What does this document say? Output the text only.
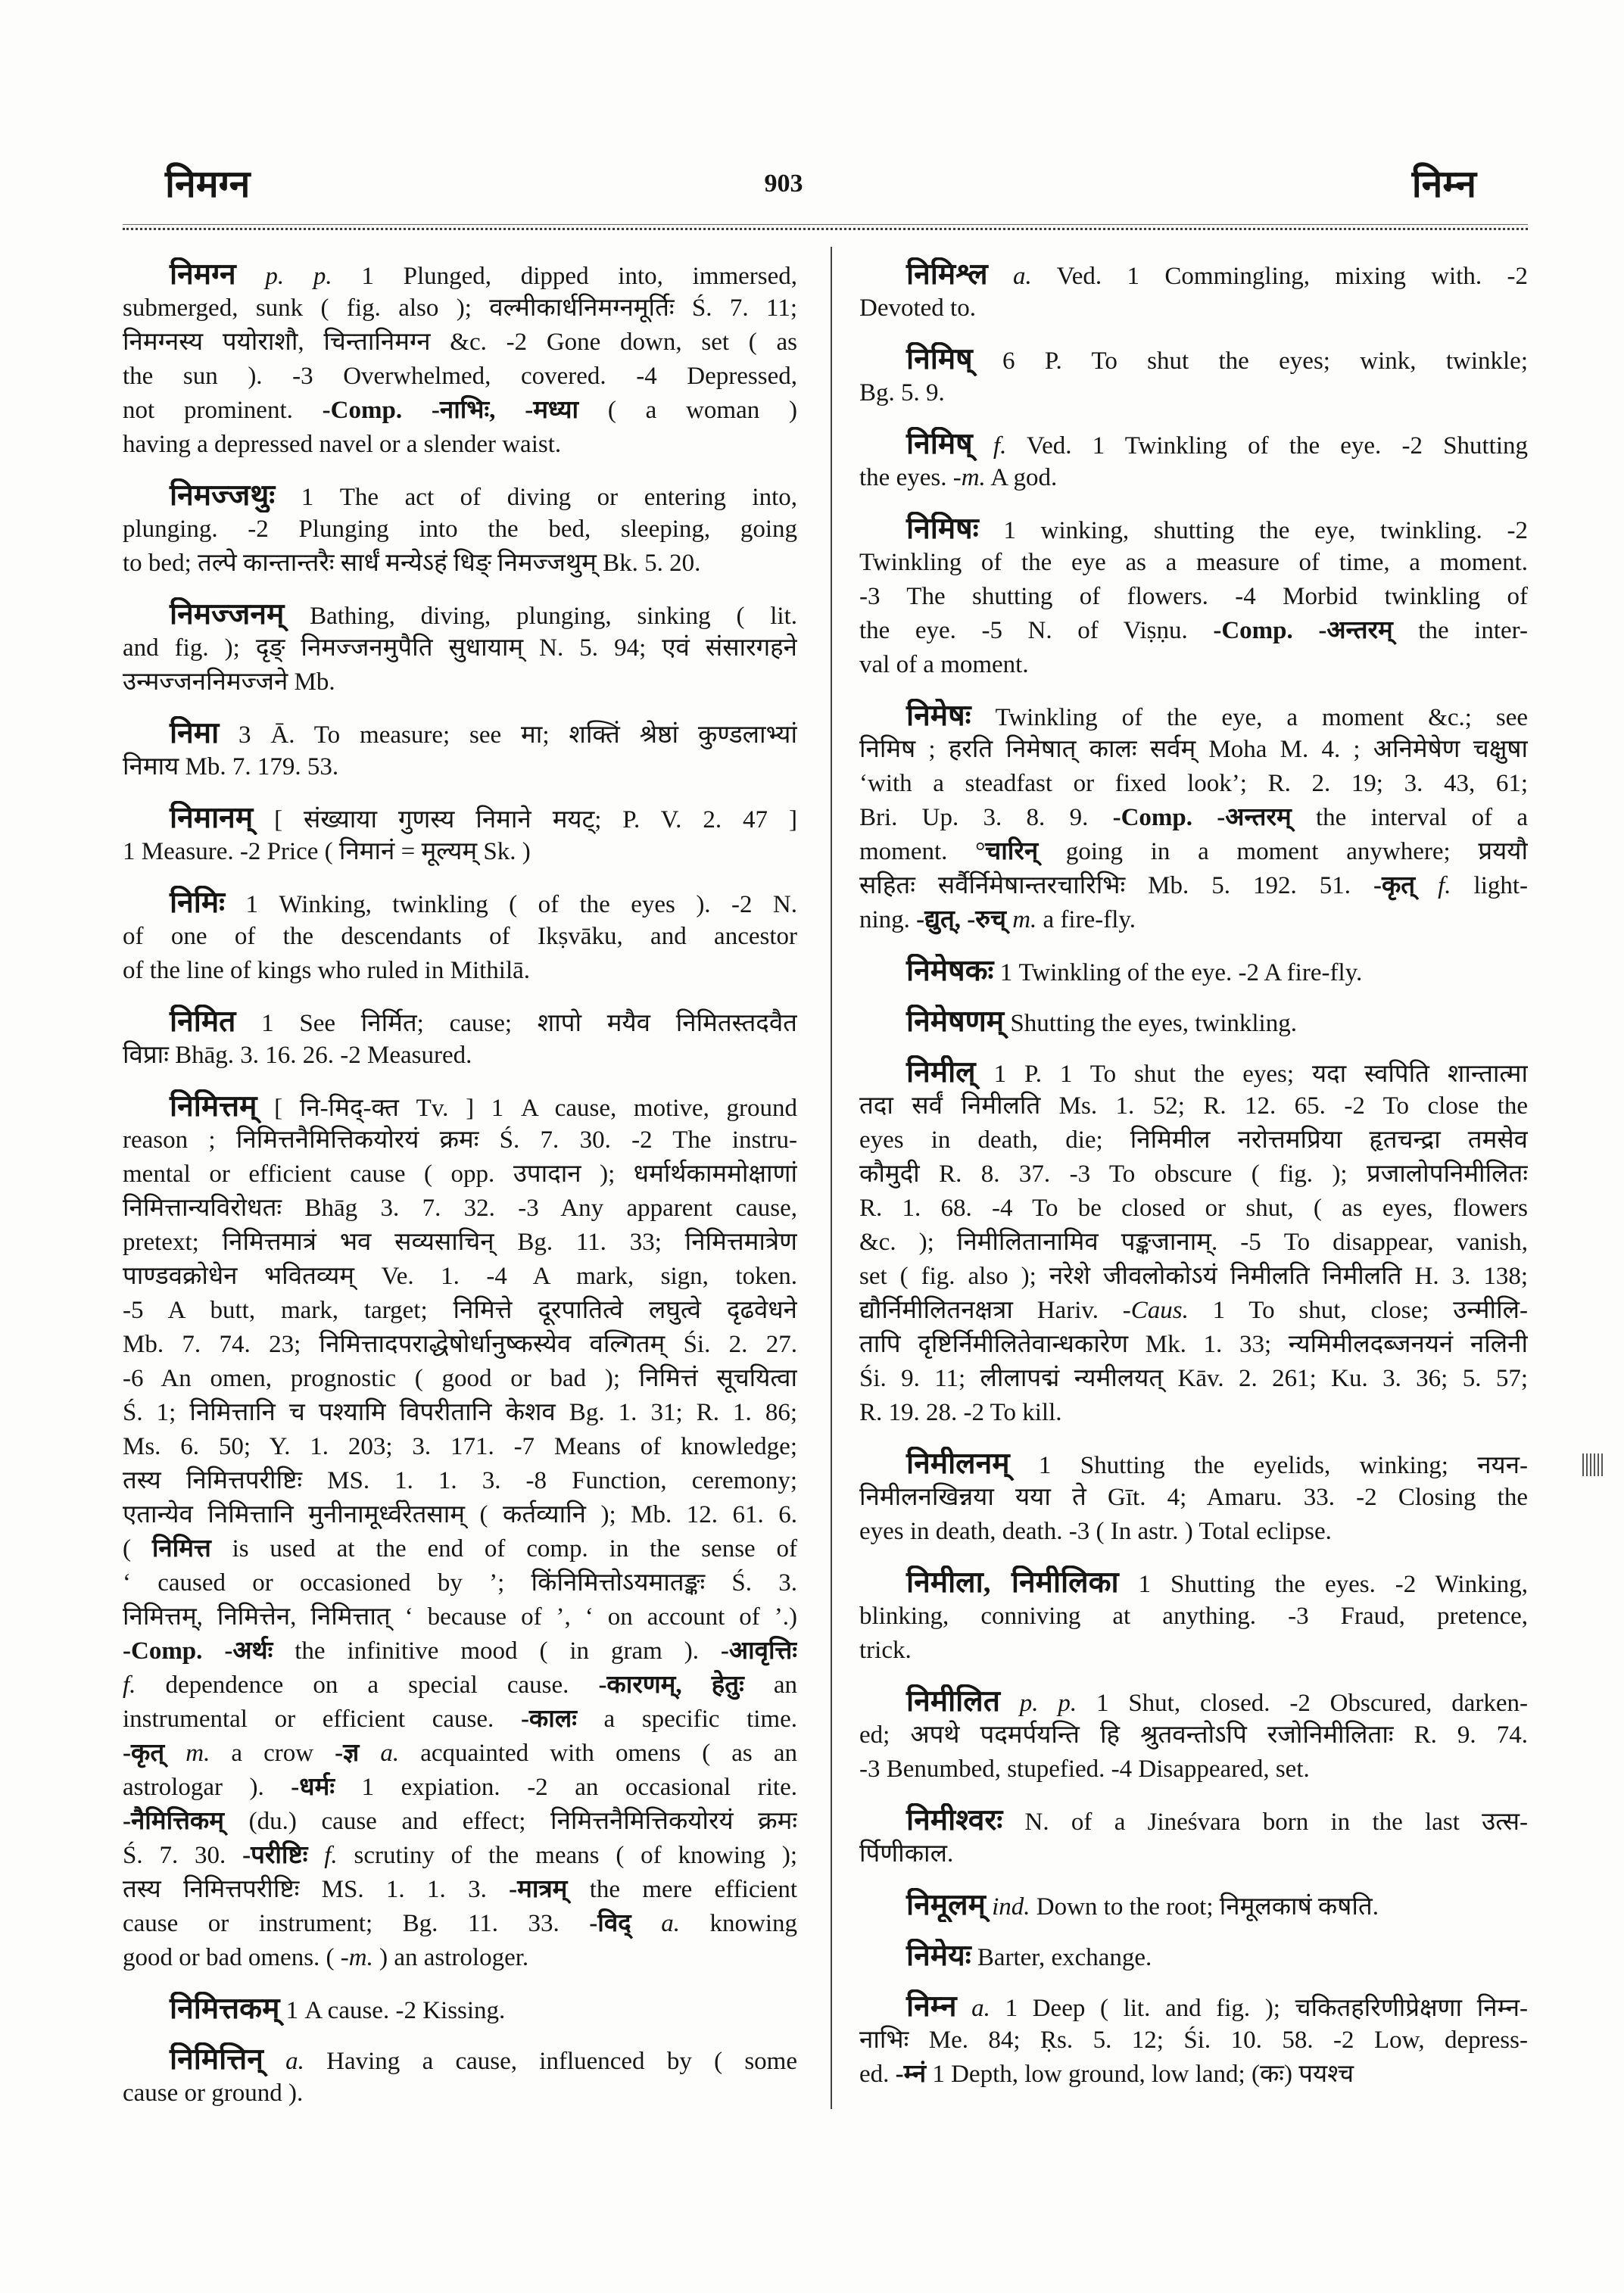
निमग्न	903	निम्न
निमग्न p. p. 1 Plunged, dipped into, immersed,
submerged, sunk ( fig. also ); वल्मीकार्धनिमग्नमूर्तिः Ś. 7. 11;
निमग्नस्य पयोराशौ, चिन्तानिमग्न &c. -2 Gone down, set ( as
the sun ). -3 Overwhelmed, covered. -4 Depressed,
not prominent. -Comp. -नाभिः, -मध्या ( a woman )
having a depressed navel or a slender waist.
निमज्जथुः 1 The act of diving or entering into,
plunging. -2 Plunging into the bed, sleeping, going
to bed; तल्पे कान्तान्तरैः सार्धं मन्येऽहं धिङ् निमज्जथुम् Bk. 5. 20.
निमज्जनम् Bathing, diving, plunging, sinking ( lit.
and fig. ); दृङ् निमज्जनमुपैति सुधायाम् N. 5. 94; एवं संसारगहने
उन्मज्जननिमज्जने Mb.
निमा 3 Ā. To measure; see मा; शक्तिं श्रेष्ठां कुण्डलाभ्यां
निमाय Mb. 7. 179. 53.
निमानम् [ संख्याया गुणस्य निमाने मयट्; P. V. 2. 47 ]
1 Measure. -2 Price ( निमानं = मूल्यम् Sk. )
निमिः 1 Winking, twinkling ( of the eyes ). -2 N.
of one of the descendants of Ikṣvāku, and ancestor
of the line of kings who ruled in Mithilā.
निमित 1 See निर्मित; cause; शापो मयैव निमितस्तदवैत
विप्राः Bhāg. 3. 16. 26. -2 Measured.
निमित्तम् [ नि-मिद्-क्त Tv. ] 1 A cause, motive, ground
reason ; निमित्तनैमित्तिकयोरयं क्रमः Ś. 7. 30. -2 The instru-
mental or efficient cause ( opp. उपादान ); धर्मार्थकाममोक्षाणां
निमित्तान्यविरोधतः Bhāg 3. 7. 32. -3 Any apparent cause,
pretext; निमित्तमात्रं भव सव्यसाचिन् Bg. 11. 33; निमित्तमात्रेण
पाण्डवक्रोधेन भवितव्यम् Ve. 1. -4 A mark, sign, token.
-5 A butt, mark, target; निमित्ते दूरपातित्वे लघुत्वे दृढवेधने
Mb. 7. 74. 23; निमित्तादपराद्धेषोर्धानुष्कस्येव वल्गितम् Śi. 2. 27.
-6 An omen, prognostic ( good or bad ); निमित्तं सूचयित्वा
Ś. 1; निमित्तानि च पश्यामि विपरीतानि केशव Bg. 1. 31; R. 1. 86;
Ms. 6. 50; Y. 1. 203; 3. 171. -7 Means of knowledge;
तस्य निमित्तपरीष्टिः MS. 1. 1. 3. -8 Function, ceremony;
एतान्येव निमित्तानि मुनीनामूर्ध्वरेतसाम् ( कर्तव्यानि ); Mb. 12. 61. 6.
( निमित्त is used at the end of comp. in the sense of
‘ caused or occasioned by ’; किंनिमित्तोऽयमातङ्कः Ś. 3.
निमित्तम्, निमित्तेन, निमित्तात् ‘ because of ’, ‘ on account of ’.)
-Comp. -अर्थः the infinitive mood ( in gram ). -आवृत्तिः
f. dependence on a special cause. -कारणम्, हेतुः an
instrumental or efficient cause. -कालः a specific time.
-कृत् m. a crow -ज्ञ a. acquainted with omens ( as an
astrologar ). -धर्मः 1 expiation. -2 an occasional rite.
-नैमित्तिकम् (du.) cause and effect; निमित्तनैमित्तिकयोरयं क्रमः
Ś. 7. 30. -परीष्टिः f. scrutiny of the means ( of knowing );
तस्य निमित्तपरीष्टिः MS. 1. 1. 3. -मात्रम् the mere efficient
cause or instrument; Bg. 11. 33. -विद् a. knowing
good or bad omens. ( -m. ) an astrologer.
निमित्तकम् 1 A cause. -2 Kissing.
निमित्तिन् a. Having a cause, influenced by ( some
cause or ground ).
निमिश्ल a. Ved. 1 Commingling, mixing with. -2
Devoted to.
निमिष् 6 P. To shut the eyes; wink, twinkle;
Bg. 5. 9.
निमिष् f. Ved. 1 Twinkling of the eye. -2 Shutting
the eyes. -m. A god.
निमिषः 1 winking, shutting the eye, twinkling. -2
Twinkling of the eye as a measure of time, a moment.
-3 The shutting of flowers. -4 Morbid twinkling of
the eye. -5 N. of Viṣṇu. -Comp. -अन्तरम् the inter-
val of a moment.
निमेषः Twinkling of the eye, a moment &c.; see
निमिष ; हरति निमेषात् कालः सर्वम् Moha M. 4. ; अनिमेषेण चक्षुषा
‘with a steadfast or fixed look’; R. 2. 19; 3. 43, 61;
Bri. Up. 3. 8. 9. -Comp. -अन्तरम् the interval of a
moment. °चारिन् going in a moment anywhere; प्रययौ
सहितः सर्वैर्निमेषान्तरचारिभिः Mb. 5. 192. 51. -कृत् f. light-
ning. -द्युत्, -रुच् m. a fire-fly.
निमेषकः 1 Twinkling of the eye. -2 A fire-fly.
निमेषणम् Shutting the eyes, twinkling.
निमील् 1 P. 1 To shut the eyes; यदा स्वपिति शान्तात्मा
तदा सर्वं निमीलति Ms. 1. 52; R. 12. 65. -2 To close the
eyes in death, die; निमिमील नरोत्तमप्रिया हृतचन्द्रा तमसेव
कौमुदी R. 8. 37. -3 To obscure ( fig. ); प्रजालोपनिमीलितः
R. 1. 68. -4 To be closed or shut, ( as eyes, flowers
&c. ); निमीलितानामिव पङ्कजानाम्. -5 To disappear, vanish,
set ( fig. also ); नरेशे जीवलोकोऽयं निमीलति निमीलति H. 3. 138;
द्यौर्निमीलितनक्षत्रा Hariv. -Caus. 1 To shut, close; उन्मीलि-
तापि दृष्टिर्निमीलितेवान्धकारेण Mk. 1. 33; न्यमिमीलदब्जनयनं नलिनी
Śi. 9. 11; लीलापद्मं न्यमीलयत् Kāv. 2. 261; Ku. 3. 36; 5. 57;
R. 19. 28. -2 To kill.
निमीलनम् 1 Shutting the eyelids, winking; नयन-
निमीलनखिन्नया यया ते Gīt. 4; Amaru. 33. -2 Closing the
eyes in death, death. -3 ( In astr. ) Total eclipse.
निमीला, निमीलिका 1 Shutting the eyes. -2 Winking,
blinking, conniving at anything. -3 Fraud, pretence,
trick.
निमीलित p. p. 1 Shut, closed. -2 Obscured, darken-
ed; अपथे पदमर्पयन्ति हि श्रुतवन्तोऽपि रजोनिमीलिताः R. 9. 74.
-3 Benumbed, stupefied. -4 Disappeared, set.
निमीश्वरः N. of a Jineśvara born in the last उत्स-
र्पिणीकाल.
निमूलम् ind. Down to the root; निमूलकाषं कषति.
निमेयः Barter, exchange.
निम्न a. 1 Deep ( lit. and fig. ); चकितहरिणीप्रेक्षणा निम्न-
नाभिः Me. 84; Ṛs. 5. 12; Śi. 10. 58. -2 Low, depress-
ed. -म्नं 1 Depth, low ground, low land; (कः) पयश्च
